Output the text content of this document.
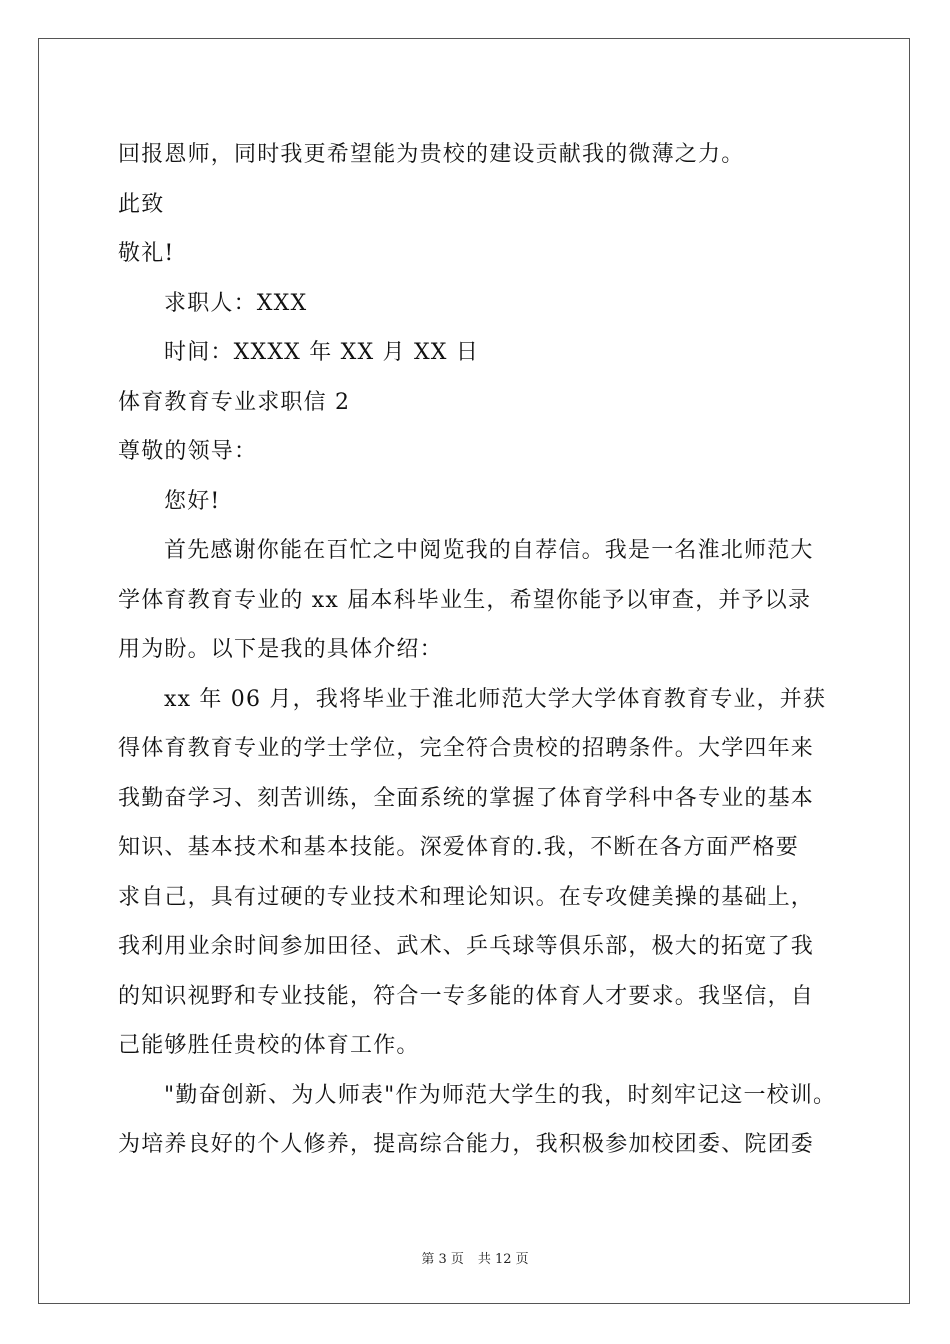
回报恩师，同时我更希望能为贵校的建设贡献我的微薄之力。
此致
敬礼!
求职人：XXX
时间：XXXX 年 XX 月 XX 日
体育教育专业求职信 2
尊敬的领导：
您好!
首先感谢你能在百忙之中阅览我的自荐信。我是一名淮北师范大
学体育教育专业的 xx 届本科毕业生，希望你能予以审查，并予以录
用为盼。以下是我的具体介绍：
xx 年 06 月，我将毕业于淮北师范大学大学体育教育专业，并获
得体育教育专业的学士学位，完全符合贵校的招聘条件。大学四年来
我勤奋学习、刻苦训练，全面系统的掌握了体育学科中各专业的基本
知识、基本技术和基本技能。深爱体育的.我，不断在各方面严格要
求自己，具有过硬的专业技术和理论知识。在专攻健美操的基础上，
我利用业余时间参加田径、武术、乒乓球等俱乐部，极大的拓宽了我
的知识视野和专业技能，符合一专多能的体育人才要求。我坚信，自
己能够胜任贵校的体育工作。
"勤奋创新、为人师表"作为师范大学生的我，时刻牢记这一校训。
为培养良好的个人修养，提高综合能力，我积极参加校团委、院团委
第 3 页 共 12 页
